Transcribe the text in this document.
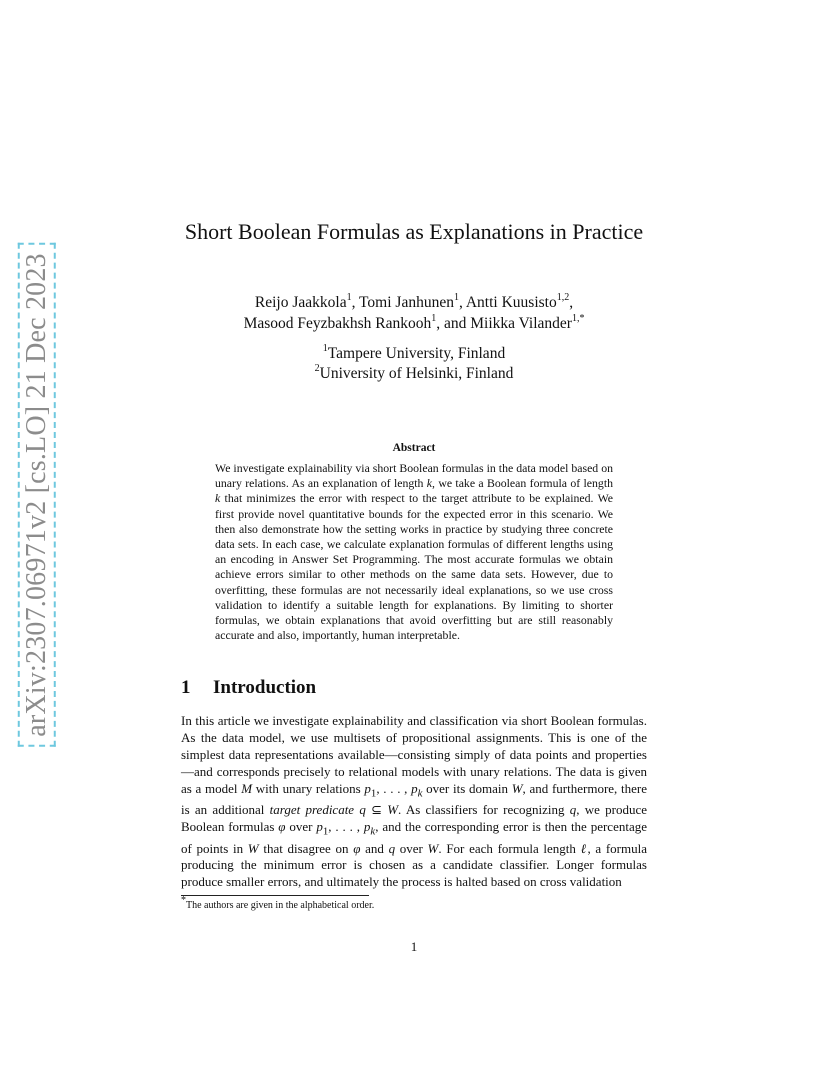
arXiv:2307.06971v2 [cs.LO] 21 Dec 2023
Short Boolean Formulas as Explanations in Practice
Reijo Jaakkola$^1$, Tomi Janhunen$^1$, Antti Kuusisto$^{1,2}$,
Masood Feyzbakhsh Rankooh$^1$, and Miikka Vilander$^{1,*}$
$^1$Tampere University, Finland
$^2$University of Helsinki, Finland
Abstract
We investigate explainability via short Boolean formulas in the data model based on unary relations. As an explanation of length k, we take a Boolean formula of length k that minimizes the error with respect to the target attribute to be explained. We first provide novel quantitative bounds for the expected error in this scenario. We then also demonstrate how the setting works in practice by studying three concrete data sets. In each case, we calculate explanation formulas of different lengths using an encoding in Answer Set Programming. The most accurate formulas we obtain achieve errors similar to other methods on the same data sets. However, due to overfitting, these formulas are not necessarily ideal explanations, so we use cross validation to identify a suitable length for explanations. By limiting to shorter formulas, we obtain explanations that avoid overfitting but are still reasonably accurate and also, importantly, human interpretable.
1 Introduction
In this article we investigate explainability and classification via short Boolean formulas. As the data model, we use multisets of propositional assignments. This is one of the simplest data representations available—consisting simply of data points and properties—and corresponds precisely to relational models with unary relations. The data is given as a model M with unary relations $p_1$, . . . , $p_k$ over its domain W, and furthermore, there is an additional target predicate q ⊆ W. As classifiers for recognizing q, we produce Boolean formulas φ over $p_1$, . . . , $p_k$, and the corresponding error is then the percentage of points in W that disagree on φ and q over W. For each formula length ℓ, a formula producing the minimum error is chosen as a candidate classifier. Longer formulas produce smaller errors, and ultimately the process is halted based on cross validation
*The authors are given in the alphabetical order.
1
